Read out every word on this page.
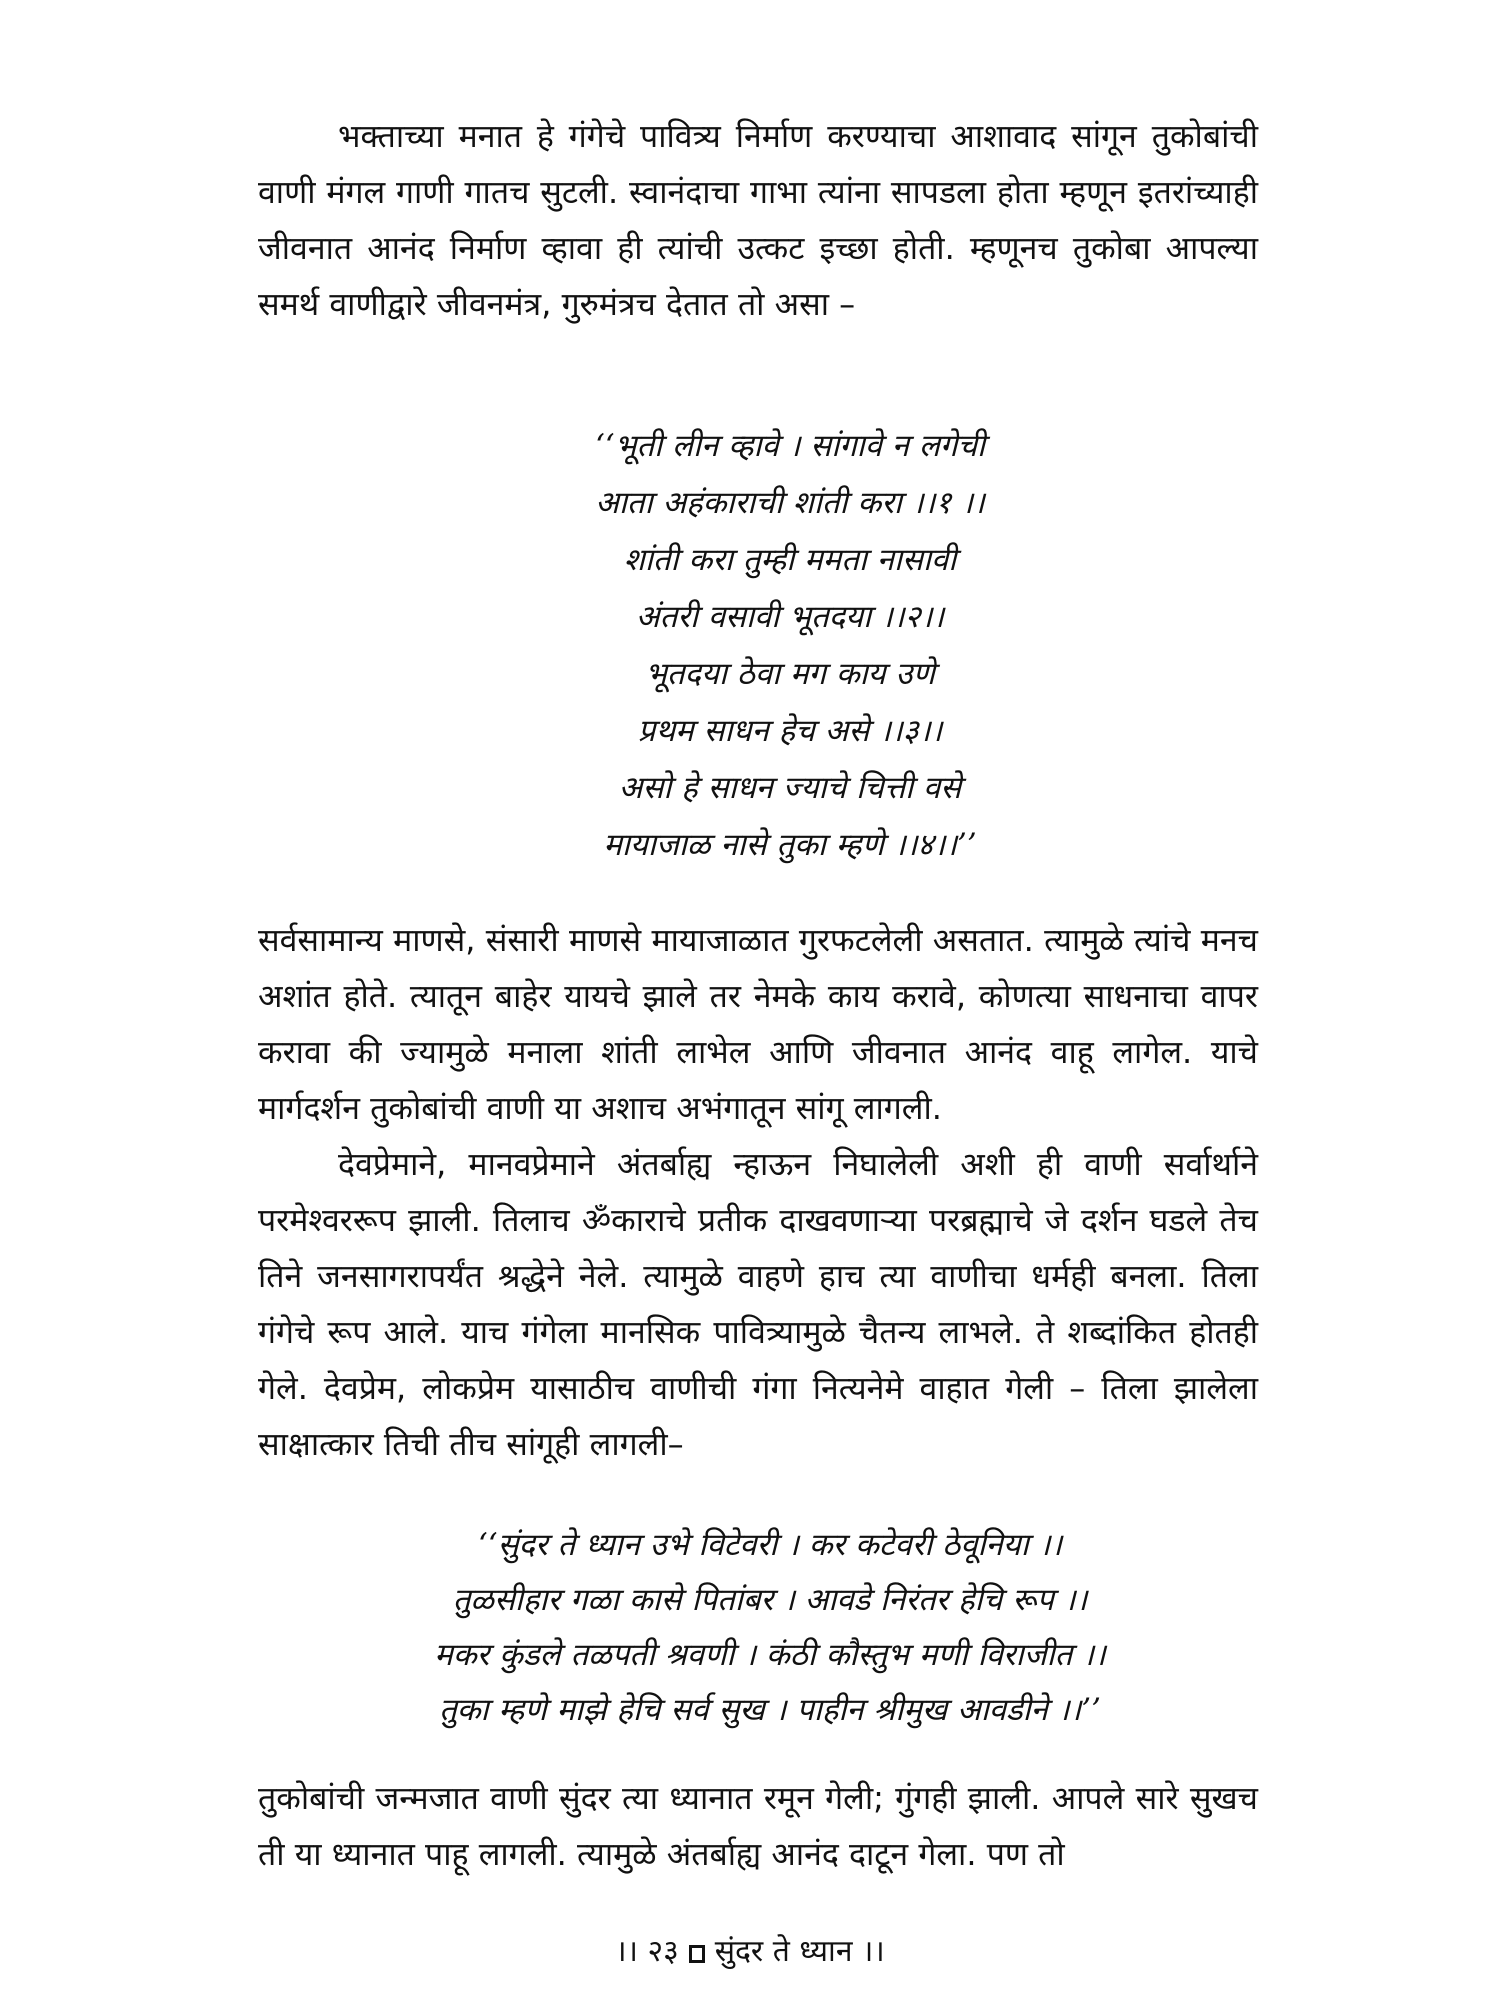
भक्ताच्या मनात हे गंगेचे पावित्र्य निर्माण करण्याचा आशावाद सांगून तुकोबांची वाणी मंगल गाणी गातच सुटली. स्वानंदाचा गाभा त्यांना सापडला होता म्हणून इतरांच्याही जीवनात आनंद निर्माण व्हावा ही त्यांची उत्कट इच्छा होती. म्हणूनच तुकोबा आपल्या समर्थ वाणीद्वारे जीवनमंत्र, गुरुमंत्रच देतात तो असा –

‘‘भूती लीन व्हावे । सांगावे न लगेची
आता अहंकाराची शांती करा ।।१ ।।
शांती करा तुम्ही ममता नासावी
अंतरी वसावी भूतदया ।।२।।
भूतदया ठेवा मग काय उणे
प्रथम साधन हेच असे ।।३।।
असो हे साधन ज्याचे चित्ती वसे
मायाजाळ नासे तुका म्हणे ।।४।।’’

सर्वसामान्य माणसे, संसारी माणसे मायाजाळात गुरफटलेली असतात. त्यामुळे त्यांचे मनच अशांत होते. त्यातून बाहेर यायचे झाले तर नेमके काय करावे, कोणत्या साधनाचा वापर करावा की ज्यामुळे मनाला शांती लाभेल आणि जीवनात आनंद वाहू लागेल. याचे मार्गदर्शन तुकोबांची वाणी या अशाच अभंगातून सांगू लागली.

देवप्रेमाने, मानवप्रेमाने अंतर्बाह्य न्हाऊन निघालेली अशी ही वाणी सर्वार्थाने परमेश्वररूप झाली. तिलाच ॐकाराचे प्रतीक दाखवणाऱ्या परब्रह्माचे जे दर्शन घडले तेच तिने जनसागरापर्यंत श्रद्धेने नेले. त्यामुळे वाहणे हाच त्या वाणीचा धर्मही बनला. तिला गंगेचे रूप आले. याच गंगेला मानसिक पावित्र्यामुळे चैतन्य लाभले. ते शब्दांकित होतही गेले. देवप्रेम, लोकप्रेम यासाठीच वाणीची गंगा नित्यनेमे वाहात गेली – तिला झालेला साक्षात्कार तिची तीच सांगूही लागली–

‘‘सुंदर ते ध्यान उभे विटेवरी । कर कटेवरी ठेवूनिया ।।
तुळसीहार गळा कासे पितांबर । आवडे निरंतर हेचि रूप ।।
मकर कुंडले तळपती श्रवणी । कंठी कौस्तुभ मणी विराजीत ।।
तुका म्हणे माझे हेचि सर्व सुख । पाहीन श्रीमुख आवडीने ।।’’

तुकोबांची जन्मजात वाणी सुंदर त्या ध्यानात रमून गेली; गुंगही झाली. आपले सारे सुखच ती या ध्यानात पाहू लागली. त्यामुळे अंतर्बाह्य आनंद दाटून गेला. पण तो

।। २३ सुंदर ते ध्यान ।।
